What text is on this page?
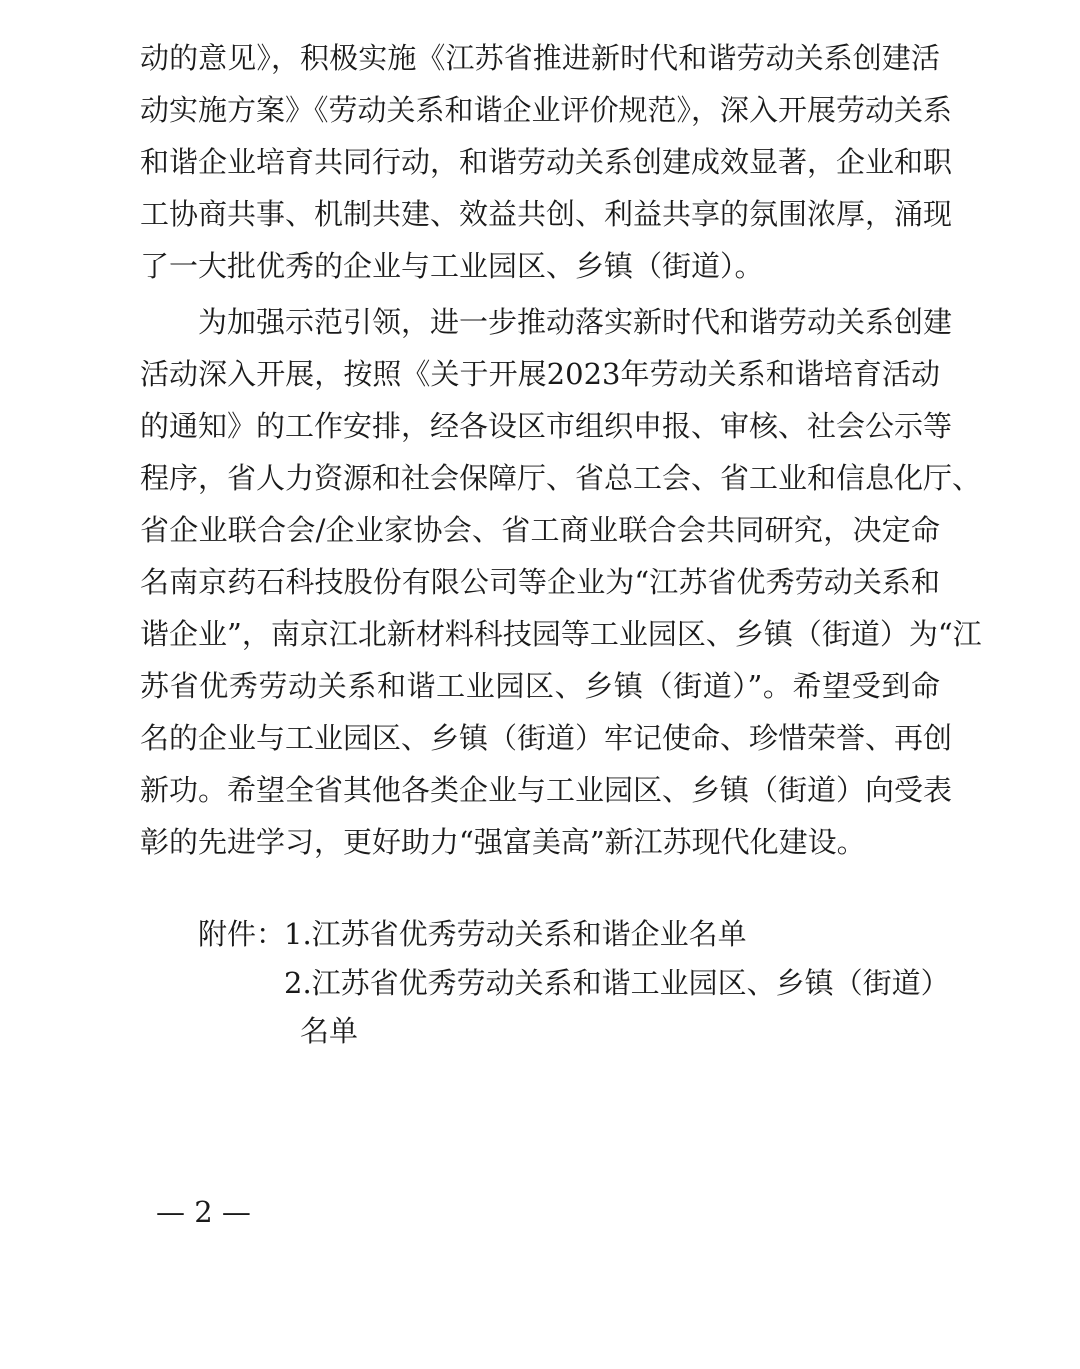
动的意见》，积极实施《江苏省推进新时代和谐劳动关系创建活
动实施方案》《劳动关系和谐企业评价规范》，深入开展劳动关系
和谐企业培育共同行动，和谐劳动关系创建成效显著，企业和职
工协商共事、机制共建、效益共创、利益共享的氛围浓厚，涌现
了一大批优秀的企业与工业园区、乡镇（街道）。
为加强示范引领，进一步推动落实新时代和谐劳动关系创建
活动深入开展，按照《关于开展2023年劳动关系和谐培育活动
的通知》的工作安排，经各设区市组织申报、审核、社会公示等
程序，省人力资源和社会保障厅、省总工会、省工业和信息化厅、
省企业联合会/企业家协会、省工商业联合会共同研究，决定命
名南京药石科技股份有限公司等企业为“江苏省优秀劳动关系和
谐企业”，南京江北新材料科技园等工业园区、乡镇（街道）为“江
苏省优秀劳动关系和谐工业园区、乡镇（街道）”。希望受到命
名的企业与工业园区、乡镇（街道）牢记使命、珍惜荣誉、再创
新功。希望全省其他各类企业与工业园区、乡镇（街道）向受表
彰的先进学习，更好助力“强富美高”新江苏现代化建设。
附件：
1.江苏省优秀劳动关系和谐企业名单
2.江苏省优秀劳动关系和谐工业园区、乡镇（街道）
名单
— 2 —
